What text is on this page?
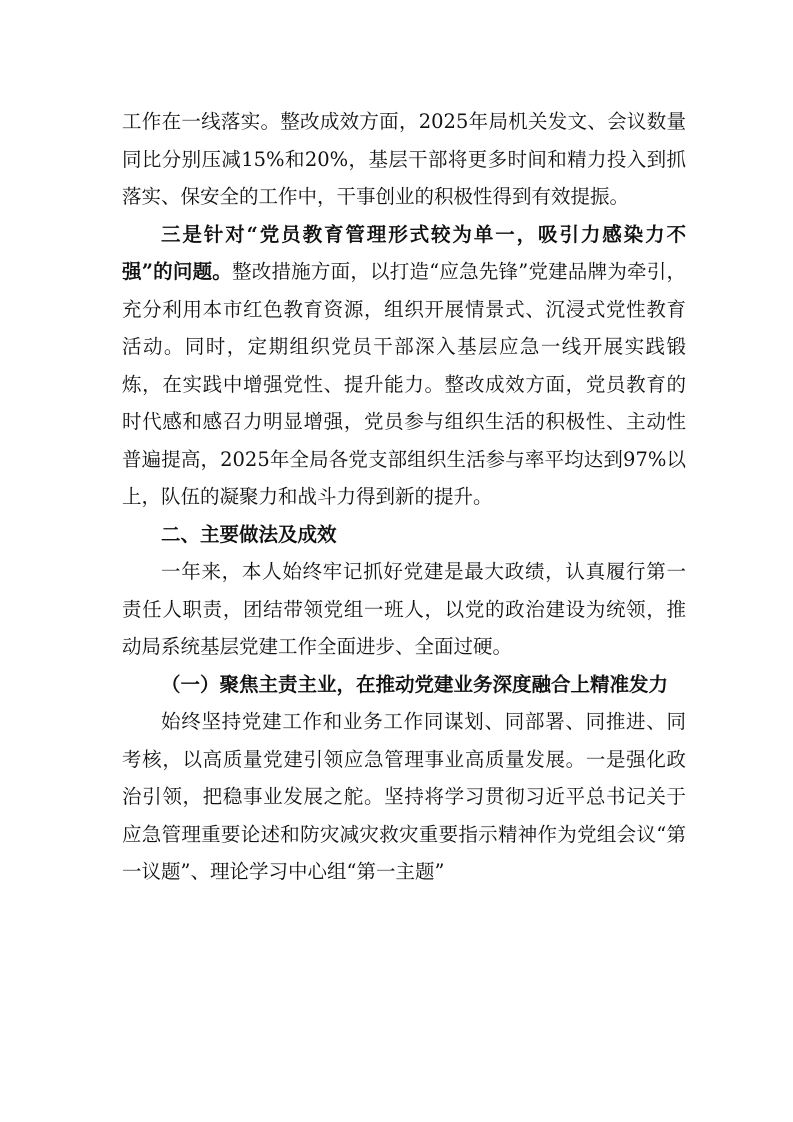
工作在一线落实。整改成效方面，2025年局机关发文、会议数量同比分别压减15%和20%，基层干部将更多时间和精力投入到抓落实、保安全的工作中，干事创业的积极性得到有效提振。

三是针对“党员教育管理形式较为单一，吸引力感染力不强”的问题。整改措施方面，以打造“应急先锋”党建品牌为牵引，充分利用本市红色教育资源，组织开展情景式、沉浸式党性教育活动。同时，定期组织党员干部深入基层应急一线开展实践锻炼，在实践中增强党性、提升能力。整改成效方面，党员教育的时代感和感召力明显增强，党员参与组织生活的积极性、主动性普遍提高，2025年全局各党支部组织生活参与率平均达到97%以上，队伍的凝聚力和战斗力得到新的提升。

二、主要做法及成效

一年来，本人始终牢记抓好党建是最大政绩，认真履行第一责任人职责，团结带领党组一班人，以党的政治建设为统领，推动局系统基层党建工作全面进步、全面过硬。

（一）聚焦主责主业，在推动党建业务深度融合上精准发力

始终坚持党建工作和业务工作同谋划、同部署、同推进、同考核，以高质量党建引领应急管理事业高质量发展。一是强化政治引领，把稳事业发展之舵。坚持将学习贯彻习近平总书记关于应急管理重要论述和防灾减灾救灾重要指示精神作为党组会议“第一议题”、理论学习中心组“第一主题”
